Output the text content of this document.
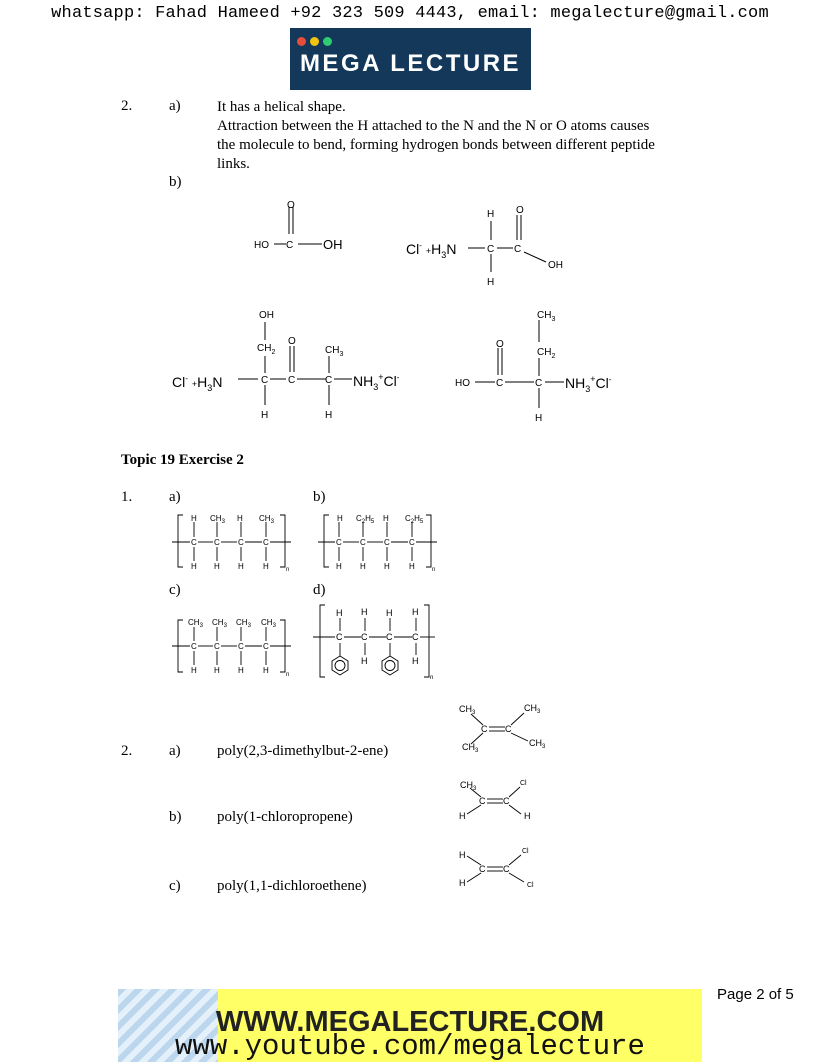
whatsapp: Fahad Hameed +92 323 509 4443, email: megalecture@gmail.com
MEGA LECTURE
2. a) It has a helical shape.
Attraction between the H attached to the N and the N or O atoms causes
the molecule to bend, forming hydrogen bonds between different peptide
links.
b)
O
HO C OH	$Cl^-_+H_3N$
H O
C C
H
OH
OH
$CH_2$
O
$CH_3$
$Cl^-_+H_3N$	C C	C $NH_3^+Cl^-$
H	H
$CH_3$
O
$CH_2$
HO	C	C $NH_3^+Cl^-$
H
Topic 19 Exercise 2
1. a)	b)
c)	d)
H $CH_3$ H $CH_3$
C C C C
H H H H	n
H $C_2H_5$ H $C_2H_5$
C C C C
H H H H	n
$CH_3$ $CH_3$ $CH_3$ $CH_3$
C C C C
H H H H	n
H H H H
C C C C
H	H
n
2. a) poly(2,3-dimethylbut-2-ene)
b) poly(1-chloropropene)
c) poly(1,1-dichloroethene)
$CH_3$	$CH_3$
C C
$CH_3$
$CH_3$
$CH_3$
Cl
C C
H	H
H	Cl
C C
H	Cl
Page 2 of 5
WWW.MEGALECTURE.COM
www.youtube.com/megalecture
